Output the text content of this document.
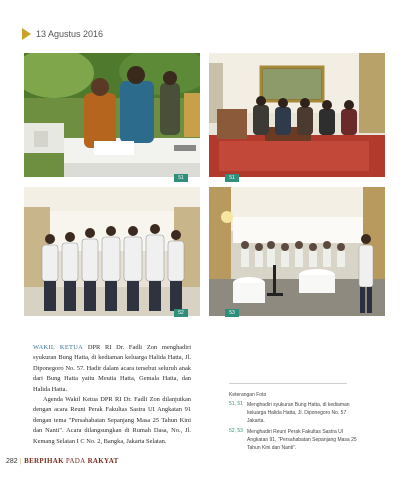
13 Agustus 2016
51	51
52	53

WAKIL KETUA DPR RI Dr. Fadli Zon menghadiri syukuran Bung Hatta, di kediaman keluarga Halida Hatta, Jl. Diponegoro No. 57. Hadir dalam acara tersebut seluruh anak dari Bung Hatta yaitu Meutia Hatta, Gemala Hatta, dan Halida Hatta.

Agenda Wakil Ketua DPR RI Dr. Fadli Zon dilanjutkan dengan acara Reuni Perak Fakultas Sastra UI Angkatan 91 dengan tema "Persahabatan Sepanjang Masa 25 Tahun Kini dan Nanti". Acara dilangsungkan di Rumah Dasa, No., Jl. Kemang Selatan I C No. 2, Bangka, Jakarta Selatan.

Keterangan Foto
51, 51 Menghadiri syukuran Bung Hatta, di kediaman keluarga Halida Hatta, Jl. Diponegoro No. 57 Jakarta.
52, 53 Menghadiri Reuni Perak Fakultas Sastra UI Angkatan 91, "Persahabatan Sepanjang Masa 25 Tahun Kini dan Nanti".
282 | BERPIHAK PADA RAKYAT
